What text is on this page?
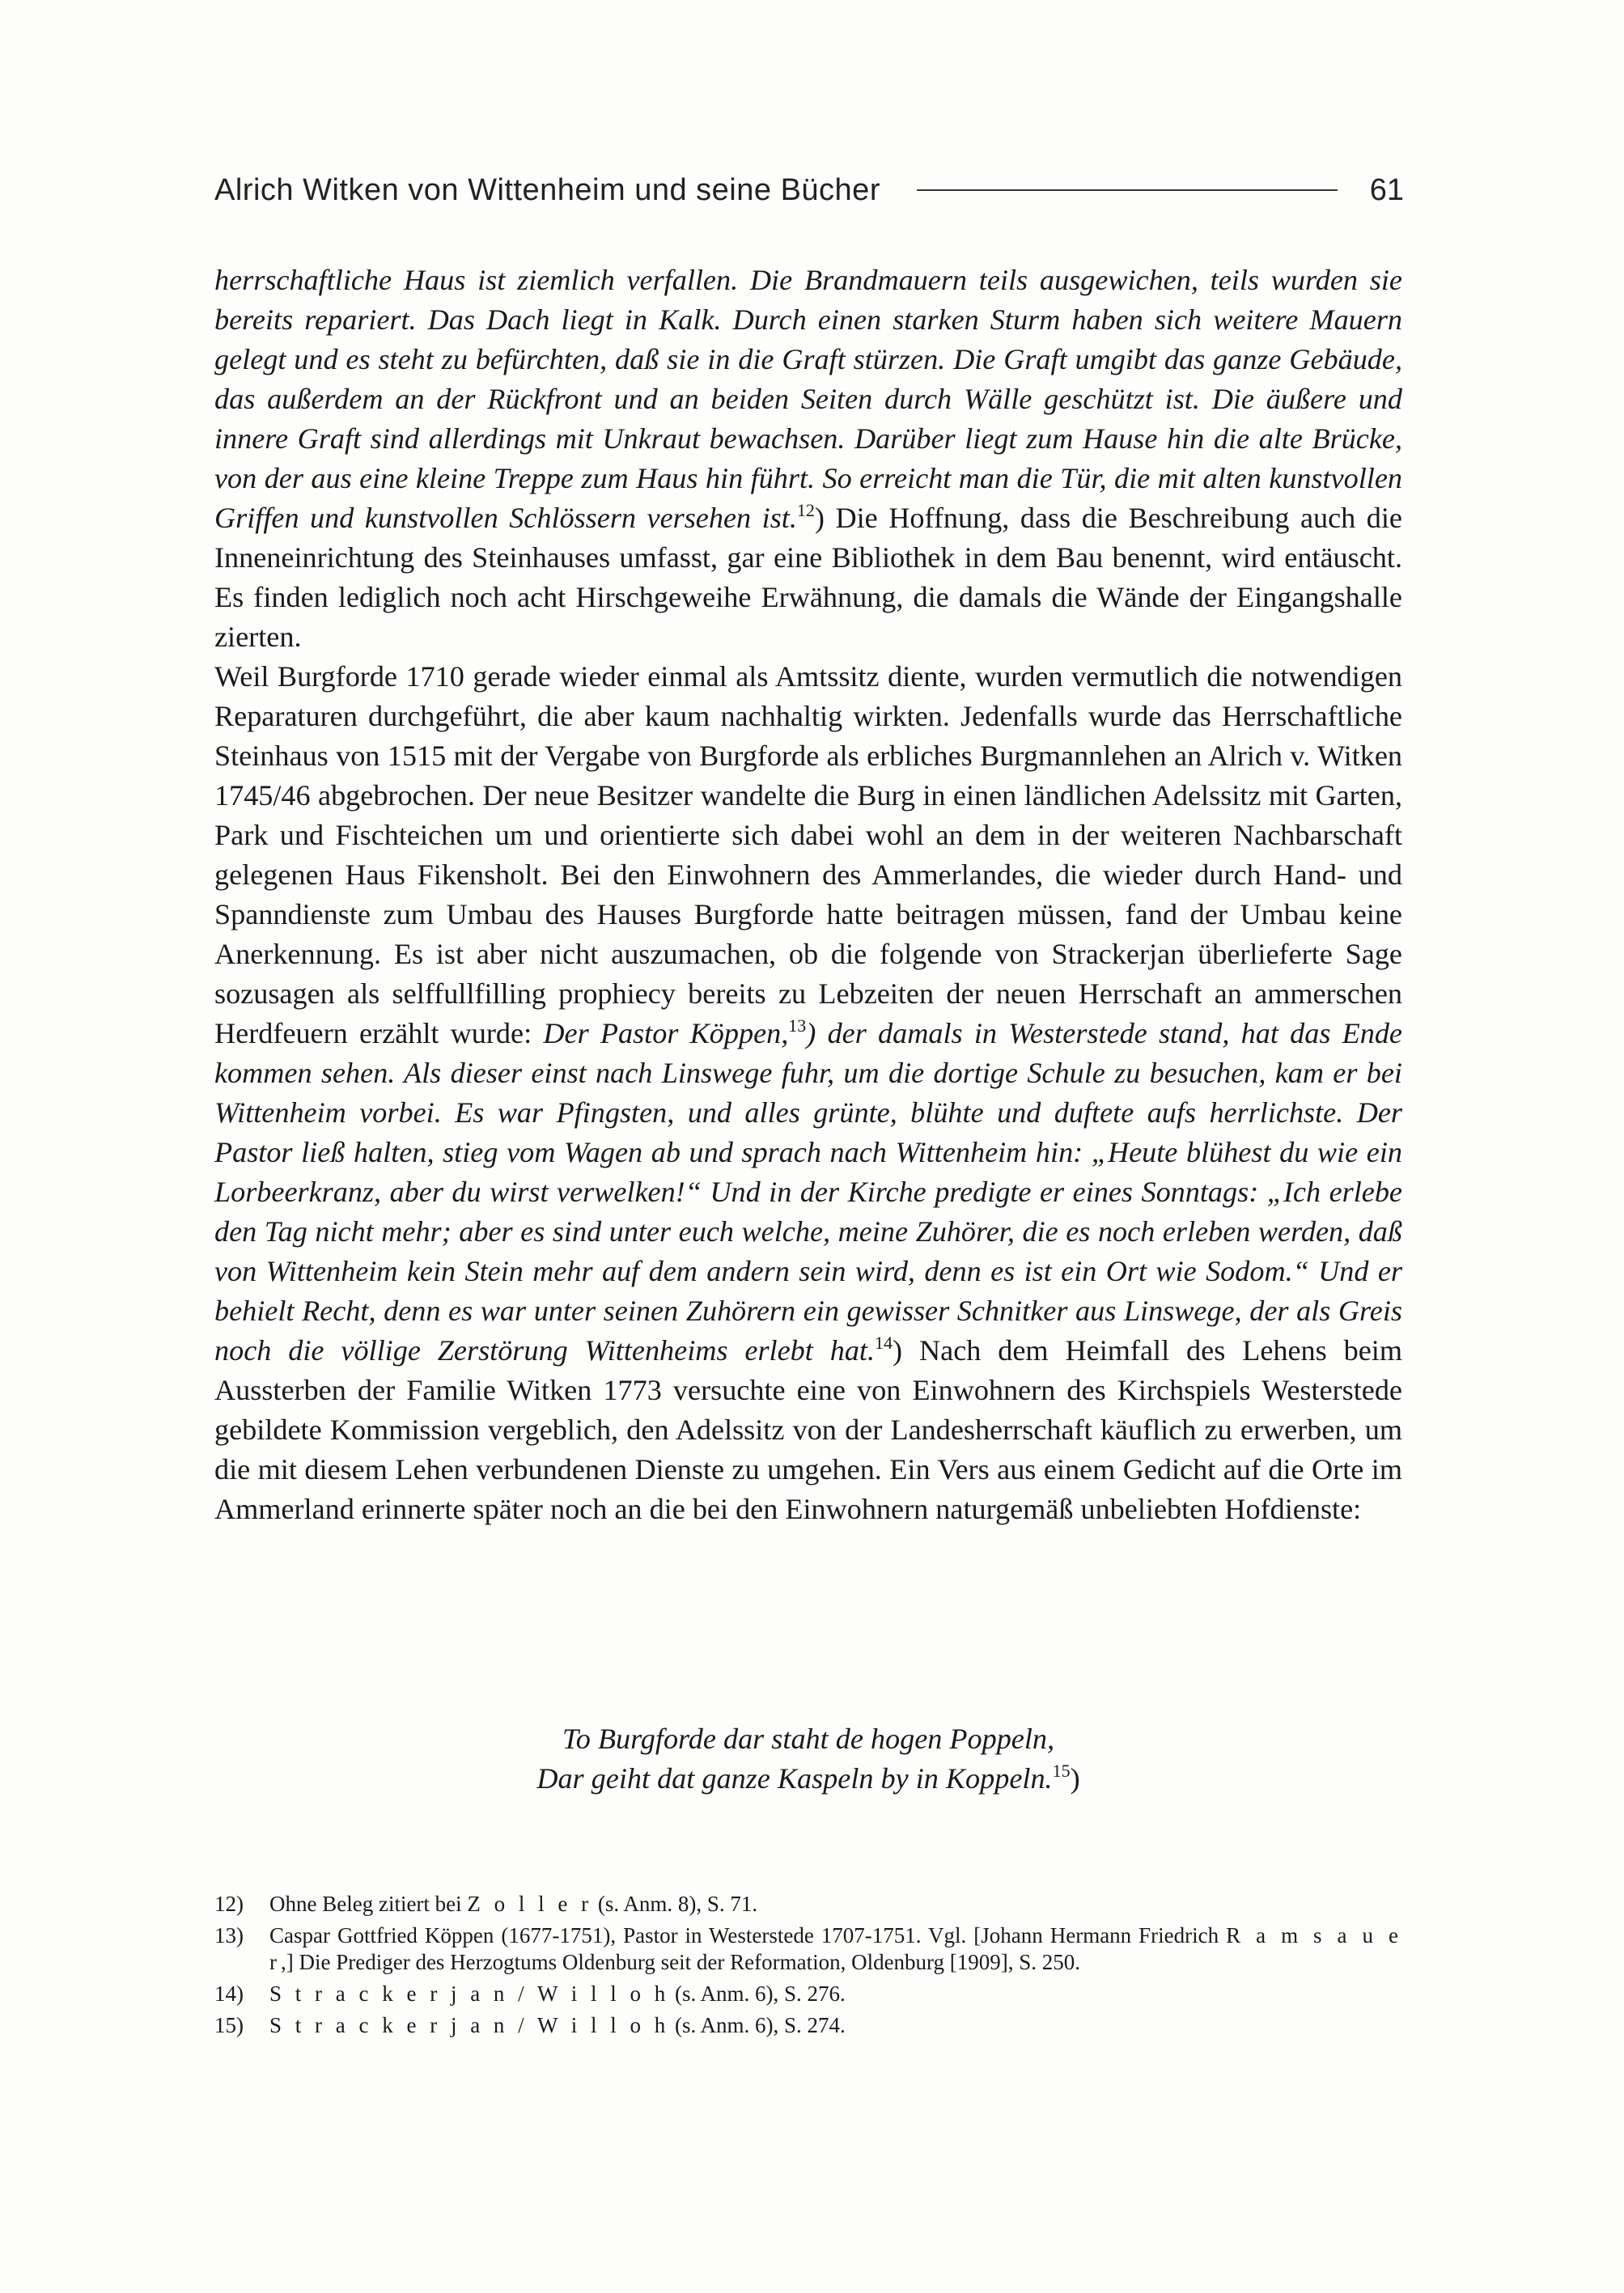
Alrich Witken von Wittenheim und seine Bücher	61

herrschaftliche Haus ist ziemlich verfallen. Die Brandmauern teils ausgewichen, teils wurden sie bereits repariert. Das Dach liegt in Kalk. Durch einen starken Sturm haben sich weitere Mauern gelegt und es steht zu befürchten, daß sie in die Graft stürzen. Die Graft umgibt das ganze Gebäude, das außerdem an der Rückfront und an beiden Seiten durch Wälle geschützt ist. Die äußere und innere Graft sind allerdings mit Unkraut bewachsen. Darüber liegt zum Hause hin die alte Brücke, von der aus eine kleine Treppe zum Haus hin führt. So erreicht man die Tür, die mit alten kunstvollen Griffen und kunstvollen Schlössern versehen ist.$^{12}$) Die Hoffnung, dass die Beschreibung auch die Inneneinrichtung des Steinhauses umfasst, gar eine Bibliothek in dem Bau benennt, wird entäuscht. Es finden lediglich noch acht Hirschgeweihe Erwähnung, die damals die Wände der Eingangshalle zierten.

Weil Burgforde 1710 gerade wieder einmal als Amtssitz diente, wurden vermutlich die notwendigen Reparaturen durchgeführt, die aber kaum nachhaltig wirkten. Jedenfalls wurde das Herrschaftliche Steinhaus von 1515 mit der Vergabe von Burgforde als erbliches Burgmannlehen an Alrich v. Witken 1745/46 abgebrochen. Der neue Besitzer wandelte die Burg in einen ländlichen Adelssitz mit Garten, Park und Fischteichen um und orientierte sich dabei wohl an dem in der weiteren Nachbarschaft gelegenen Haus Fikensholt. Bei den Einwohnern des Ammerlandes, die wieder durch Hand- und Spanndienste zum Umbau des Hauses Burgforde hatte beitragen müssen, fand der Umbau keine Anerkennung. Es ist aber nicht auszumachen, ob die folgende von Strackerjan überlieferte Sage sozusagen als selffullfilling prophiecy bereits zu Lebzeiten der neuen Herrschaft an ammerschen Herdfeuern erzählt wurde: Der Pastor Köppen,$^{13}$) der damals in Westerstede stand, hat das Ende kommen sehen. Als dieser einst nach Linswege fuhr, um die dortige Schule zu besuchen, kam er bei Wittenheim vorbei. Es war Pfingsten, und alles grünte, blühte und duftete aufs herrlichste. Der Pastor ließ halten, stieg vom Wagen ab und sprach nach Wittenheim hin: „Heute blühest du wie ein Lorbeerkranz, aber du wirst verwelken!“ Und in der Kirche predigte er eines Sonntags: „Ich erlebe den Tag nicht mehr; aber es sind unter euch welche, meine Zuhörer, die es noch erleben werden, daß von Wittenheim kein Stein mehr auf dem andern sein wird, denn es ist ein Ort wie Sodom.“ Und er behielt Recht, denn es war unter seinen Zuhörern ein gewisser Schnitker aus Linswege, der als Greis noch die völlige Zerstörung Wittenheims erlebt hat.$^{14}$) Nach dem Heimfall des Lehens beim Aussterben der Familie Witken 1773 versuchte eine von Einwohnern des Kirchspiels Westerstede gebildete Kommission vergeblich, den Adelssitz von der Landesherrschaft käuflich zu erwerben, um die mit diesem Lehen verbundenen Dienste zu umgehen. Ein Vers aus einem Gedicht auf die Orte im Ammerland erinnerte später noch an die bei den Einwohnern naturgemäß unbeliebten Hofdienste:

To Burgforde dar staht de hogen Poppeln,
Dar geiht dat ganze Kaspeln by in Koppeln.$^{15}$)
12)	Ohne Beleg zitiert bei Z o l l e r (s. Anm. 8), S. 71.
13)	Caspar Gottfried Köppen (1677-1751), Pastor in Westerstede 1707-1751. Vgl. [Johann Hermann Friedrich R a m s a u e r,] Die Prediger des Herzogtums Oldenburg seit der Reformation, Oldenburg [1909], S. 250.
14)	S t r a c k e r j a n / W i l l o h (s. Anm. 6), S. 276.
15)	S t r a c k e r j a n / W i l l o h (s. Anm. 6), S. 274.
